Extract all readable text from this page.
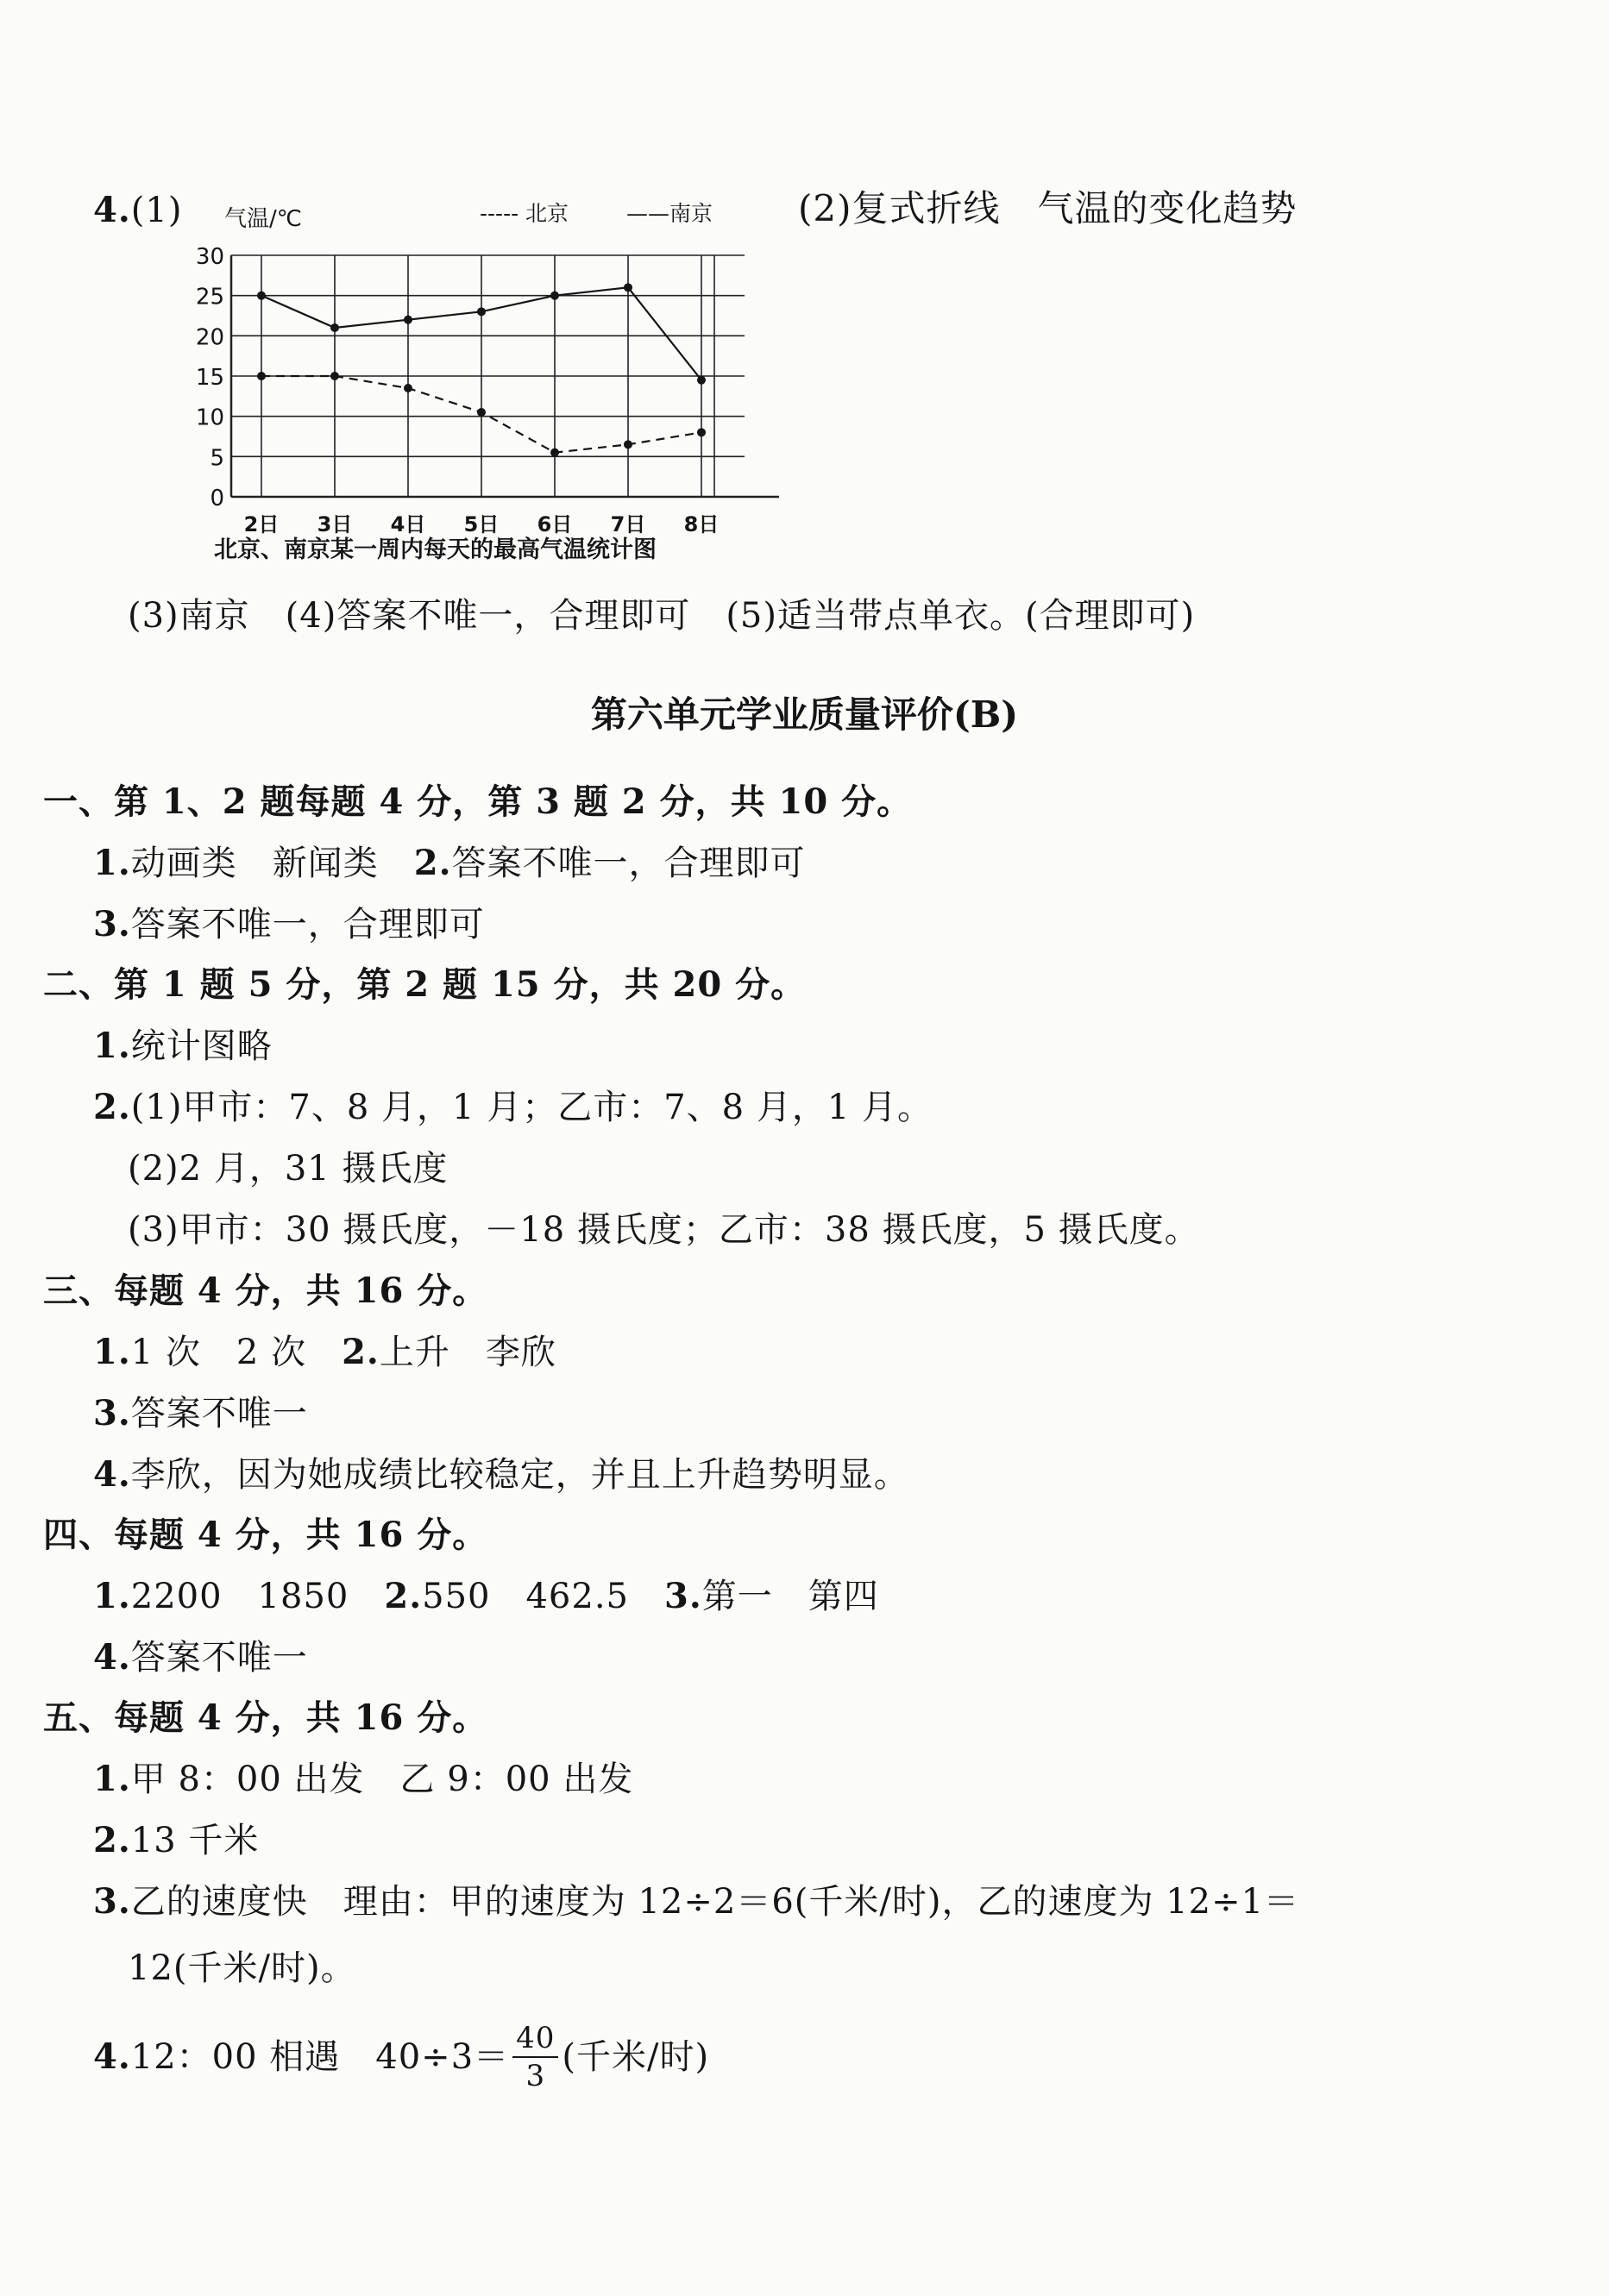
4.(1) 气温/℃	----- 北京	——南京
0
5
10
15
20
25
30
2日 3日 4日 5日 6日 7日 8日
北京、南京某一周内每天的最高气温统计图
(2)复式折线　气温的变化趋势
(3)南京　(4)答案不唯一，合理即可　(5)适当带点单衣。(合理即可)
第六单元学业质量评价(B)
一、第 1、2 题每题 4 分，第 3 题 2 分，共 10 分。
1.动画类　新闻类　2.答案不唯一，合理即可
3.答案不唯一，合理即可
二、第 1 题 5 分，第 2 题 15 分，共 20 分。
1.统计图略
2.(1)甲市：7、8 月，1 月；乙市：7、8 月，1 月。
(2)2 月，31 摄氏度
(3)甲市：30 摄氏度，－18 摄氏度；乙市：38 摄氏度，5 摄氏度。
三、每题 4 分，共 16 分。
1.1 次　2 次　2.上升　李欣
3.答案不唯一
4.李欣，因为她成绩比较稳定，并且上升趋势明显。
四、每题 4 分，共 16 分。
1.2200　1850　2.550　462.5　3.第一　第四
4.答案不唯一
五、每题 4 分，共 16 分。
1.甲 8：00 出发　乙 9：00 出发
2.13 千米
3.乙的速度快　理由：甲的速度为 12÷2＝6(千米/时)，乙的速度为 12÷1＝
12(千米/时)。
4. 12：00 相遇　$40\div 3= \frac{40}{3}$ (千米/时)
